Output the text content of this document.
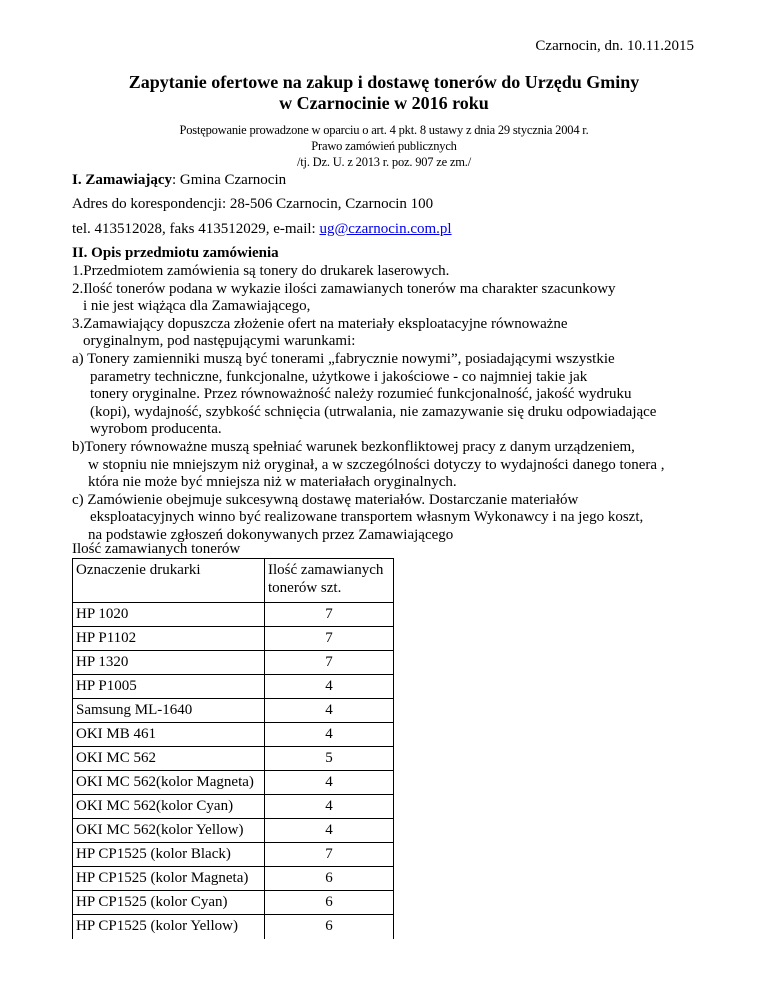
Czarnocin, dn. 10.11.2015
Zapytanie ofertowe na zakup i dostawę tonerów do Urzędu Gminy
w Czarnocinie w 2016 roku
Postępowanie prowadzone w oparciu o art. 4 pkt. 8 ustawy z dnia 29 stycznia 2004 r.
Prawo zamówień publicznych
/tj. Dz. U. z 2013 r. poz. 907 ze zm./
I. Zamawiający: Gmina Czarnocin
Adres do korespondencji: 28-506 Czarnocin, Czarnocin 100
tel. 413512028, faks 413512029, e-mail: ug@czarnocin.com.pl
II. Opis przedmiotu zamówienia
1.Przedmiotem zamówienia są tonery do drukarek laserowych.
2.Ilość tonerów podana w wykazie ilości zamawianych tonerów ma charakter szacunkowy
i nie jest wiążąca dla Zamawiającego,
3.Zamawiający dopuszcza złożenie ofert na materiały eksploatacyjne równoważne
oryginalnym, pod następującymi warunkami:
a) Tonery zamienniki muszą być tonerami „fabrycznie nowymi”, posiadającymi wszystkie
parametry techniczne, funkcjonalne, użytkowe i jakościowe - co najmniej takie jak
tonery oryginalne. Przez równoważność należy rozumieć funkcjonalność, jakość wydruku
(kopi), wydajność, szybkość schnięcia (utrwalania, nie zamazywanie się druku odpowiadające
wyrobom producenta.
b)Tonery równoważne muszą spełniać warunek bezkonfliktowej pracy z danym urządzeniem,
w stopniu nie mniejszym niż oryginał, a w szczególności dotyczy to wydajności danego tonera ,
która nie może być mniejsza niż w materiałach oryginalnych.
c) Zamówienie obejmuje sukcesywną dostawę materiałów. Dostarczanie materiałów
eksploatacyjnych winno być realizowane transportem własnym Wykonawcy i na jego koszt,
na podstawie zgłoszeń dokonywanych przez Zamawiającego
Ilość zamawianych tonerów
Oznaczenie drukarki	Ilość zamawianych tonerów szt.
HP 1020	7
HP P1102	7
HP 1320	7
HP P1005	4
Samsung ML-1640	4
OKI MB 461	4
OKI MC 562	5
OKI MC 562(kolor Magneta)	4
OKI MC 562(kolor Cyan)	4
OKI MC 562(kolor Yellow)	4
HP CP1525 (kolor Black)	7
HP CP1525 (kolor Magneta)	6
HP CP1525 (kolor Cyan)	6
HP CP1525 (kolor Yellow)	6
